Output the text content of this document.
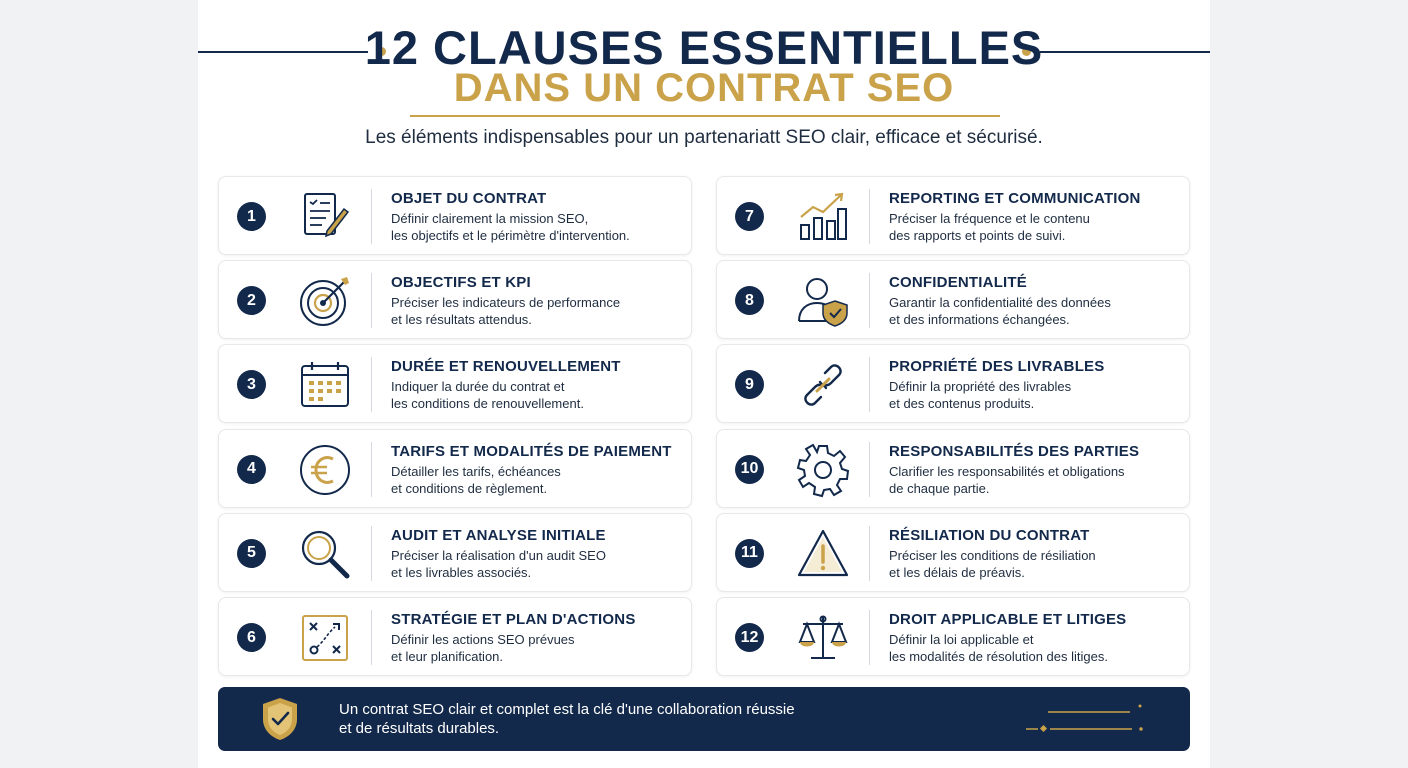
12 CLAUSES ESSENTIELLES
DANS UN CONTRAT SEO
Les éléments indispensables pour un partenariatt SEO clair, efficace et sécurisé.
1
OBJET DU CONTRAT
Définir clairement la mission SEO,
les objectifs et le périmètre d'intervention.
2
OBJECTIFS ET KPI
Préciser les indicateurs de performance
et les résultats attendus.
3
DURÉE ET RENOUVELLEMENT
Indiquer la durée du contrat et
les conditions de renouvellement.
4
TARIFS ET MODALITÉS DE PAIEMENT
Détailler les tarifs, échéances
et conditions de règlement.
5
AUDIT ET ANALYSE INITIALE
Préciser la réalisation d'un audit SEO
et les livrables associés.
6
STRATÉGIE ET PLAN D'ACTIONS
Définir les actions SEO prévues
et leur planification.
7
REPORTING ET COMMUNICATION
Préciser la fréquence et le contenu
des rapports et points de suivi.
8
CONFIDENTIALITÉ
Garantir la confidentialité des données
et des informations échangées.
9
PROPRIÉTÉ DES LIVRABLES
Définir la propriété des livrables
et des contenus produits.
10
RESPONSABILITÉS DES PARTIES
Clarifier les responsabilités et obligations
de chaque partie.
11
RÉSILIATION DU CONTRAT
Préciser les conditions de résiliation
et les délais de préavis.
12
DROIT APPLICABLE ET LITIGES
Définir la loi applicable et
les modalités de résolution des litiges.
Un contrat SEO clair et complet est la clé d'une collaboration réussie
et de résultats durables.
